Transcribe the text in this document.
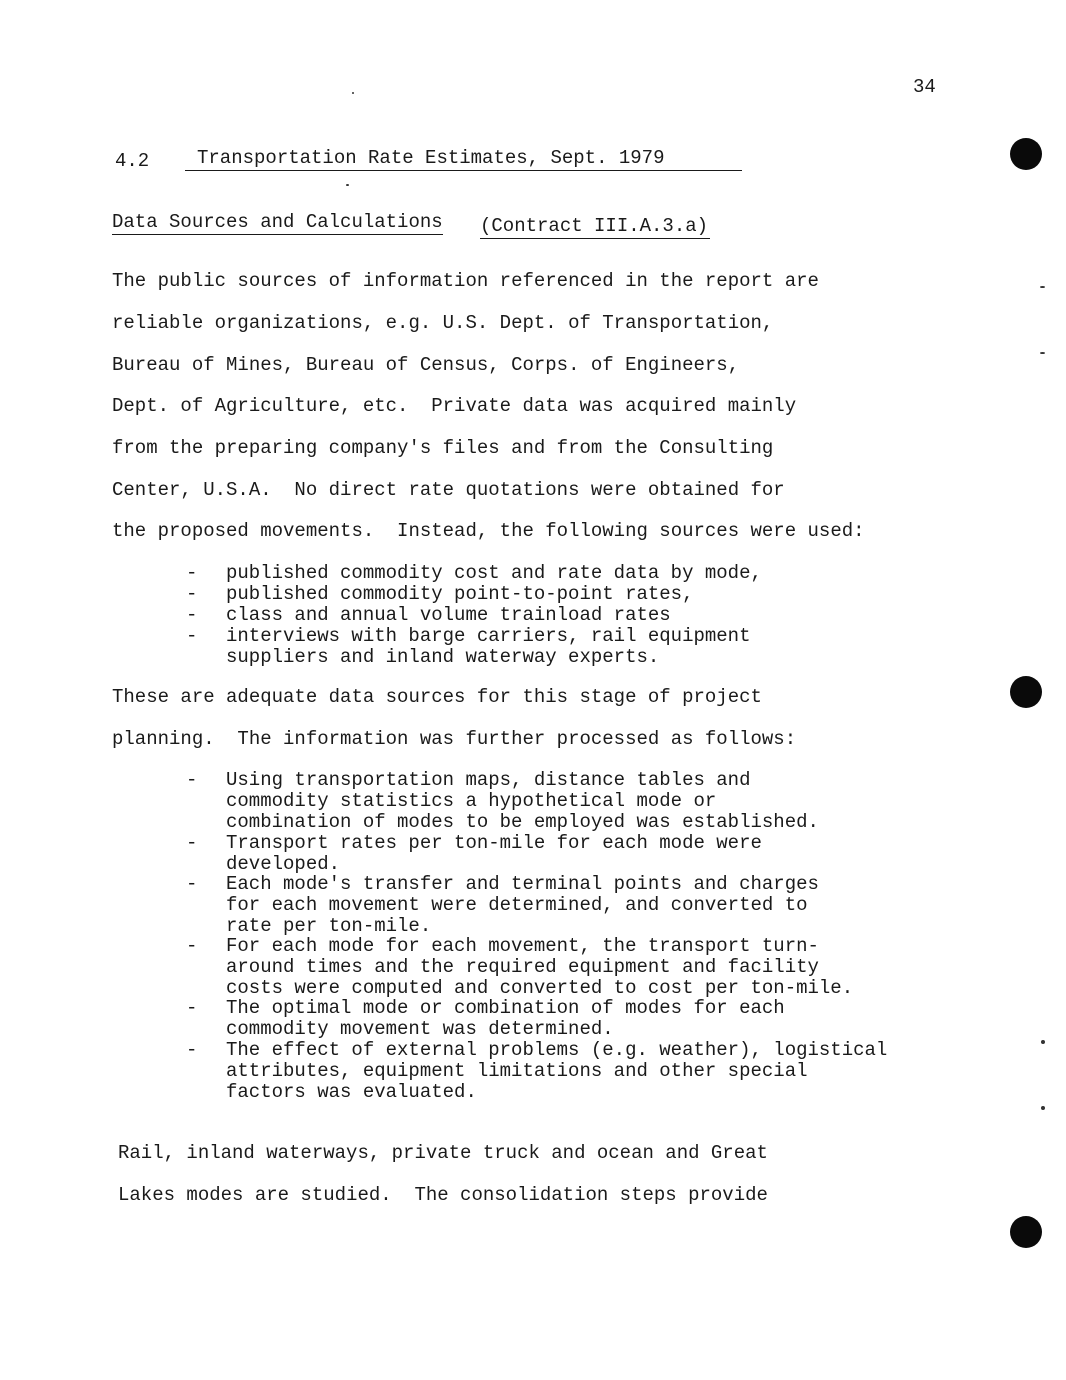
34
4.2	Transportation Rate Estimates, Sept. 1979
Data Sources and Calculations (Contract III.A.3.a)
The public sources of information referenced in the report are
reliable organizations, e.g. U.S. Dept. of Transportation,
Bureau of Mines, Bureau of Census, Corps. of Engineers,
Dept. of Agriculture, etc.  Private data was acquired mainly
from the preparing company's files and from the Consulting
Center, U.S.A.  No direct rate quotations were obtained for
the proposed movements.  Instead, the following sources were used:
- published commodity cost and rate data by mode,
- published commodity point-to-point rates,
- class and annual volume trainload rates
- interviews with barge carriers, rail equipment
suppliers and inland waterway experts.
These are adequate data sources for this stage of project
planning.  The information was further processed as follows:
- Using transportation maps, distance tables and
commodity statistics a hypothetical mode or
combination of modes to be employed was established.
- Transport rates per ton-mile for each mode were
developed.
- Each mode's transfer and terminal points and charges
for each movement were determined, and converted to
rate per ton-mile.
- For each mode for each movement, the transport turn-
around times and the required equipment and facility
costs were computed and converted to cost per ton-mile.
- The optimal mode or combination of modes for each
commodity movement was determined.
- The effect of external problems (e.g. weather), logistical
attributes, equipment limitations and other special
factors was evaluated.
Rail, inland waterways, private truck and ocean and Great
Lakes modes are studied.  The consolidation steps provide
